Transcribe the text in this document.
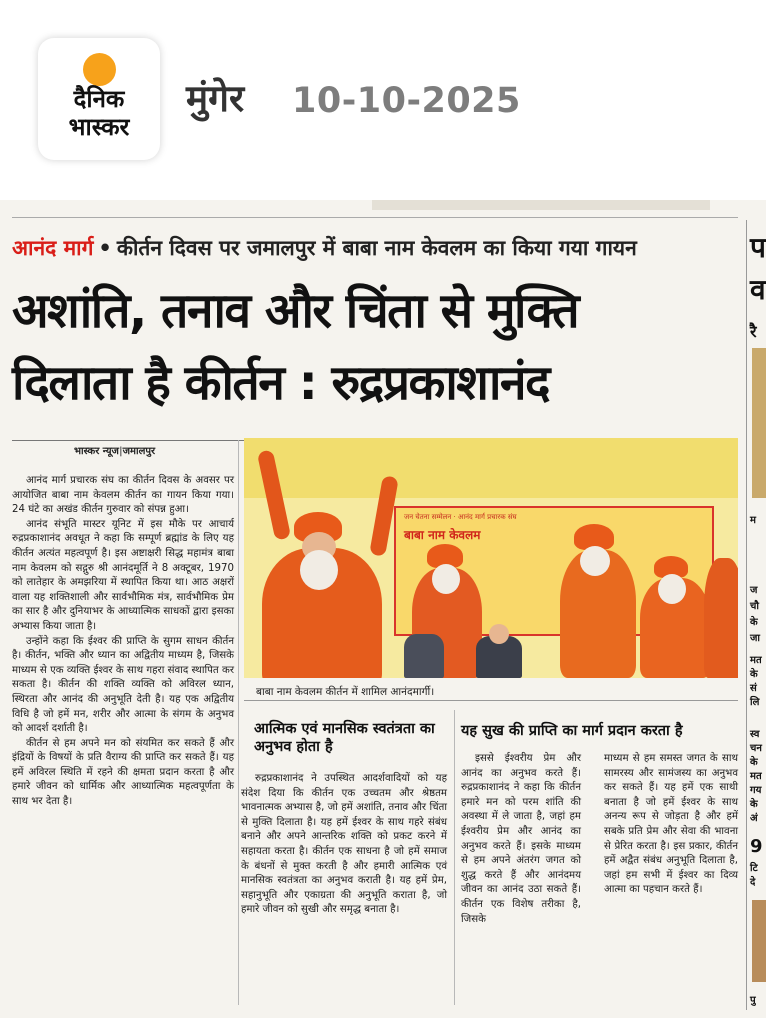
दैनिक
भास्कर
मुंगेर 10-10-2025
आनंद मार्ग • कीर्तन दिवस पर जमालपुर में बाबा नाम केवलम का किया गया गायन
अशांति, तनाव और चिंता से मुक्ति
दिलाता है कीर्तन : रुद्रप्रकाशानंद
भास्कर न्यूज|जमालपुर
जन चेतना सम्मेलन · आनंद मार्ग प्रचारक संघ
बाबा नाम केवलम
बाबा नाम केवलम कीर्तन में शामिल आनंदमार्गी।

आनंद मार्ग प्रचारक संघ का कीर्तन दिवस के अवसर पर आयोजित बाबा नाम केवलम कीर्तन का गायन किया गया। 24 घंटे का अखंड कीर्तन गुरुवार को संपन्न हुआ।

आनंद संभूति मास्टर यूनिट में इस मौके पर आचार्य रुद्रप्रकाशानंद अवधूत ने कहा कि सम्पूर्ण ब्रह्मांड के लिए यह कीर्तन अत्यंत महत्वपूर्ण है। इस अष्टाक्षरी सिद्ध महामंत्र बाबा नाम केवलम को सद्गुरु श्री आनंदमूर्ति ने 8 अक्टूबर, 1970 को लातेहार के अमझरिया में स्थापित किया था। आठ अक्षरों वाला यह शक्तिशाली और सार्वभौमिक मंत्र, सार्वभौमिक प्रेम का सार है और दुनियाभर के आध्यात्मिक साधकों द्वारा इसका अभ्यास किया जाता है।

उन्होंने कहा कि ईश्वर की प्राप्ति के सुगम साधन कीर्तन है। कीर्तन, भक्ति और ध्यान का अद्वितीय माध्यम है, जिसके माध्यम से एक व्यक्ति ईश्वर के साथ गहरा संवाद स्थापित कर सकता है। कीर्तन की शक्ति व्यक्ति को अविरल ध्यान, स्थिरता और आनंद की अनुभूति देती है। यह एक अद्वितीय विधि है जो हमें मन, शरीर और आत्मा के संगम के अनुभव को आदर्श दर्शाती है।

कीर्तन से हम अपने मन को संयमित कर सकते हैं और इंद्रियों के विषयों के प्रति वैराग्य की प्राप्ति कर सकते हैं। यह हमें अविरल स्थिति में रहने की क्षमता प्रदान करता है और हमारे जीवन को धार्मिक और आध्यात्मिक महत्वपूर्णता के साथ भर देता है।

आत्मिक एवं मानसिक स्वतंत्रता का अनुभव होता है

रुद्रप्रकाशानंद ने उपस्थित आदर्शवादियों को यह संदेश दिया कि कीर्तन एक उच्चतम और श्रेष्ठतम भावनात्मक अभ्यास है, जो हमें अशांति, तनाव और चिंता से मुक्ति दिलाता है। यह हमें ईश्वर के साथ गहरे संबंध बनाने और अपने आन्तरिक शक्ति को प्रकट करने में सहायता करता है। कीर्तन एक साधना है जो हमें समाज के बंधनों से मुक्त करती है और हमारी आत्मिक एवं मानसिक स्वतंत्रता का अनुभव कराती है। यह हमें प्रेम, सहानुभूति और एकाग्रता की अनुभूति कराता है, जो हमारे जीवन को सुखी और समृद्ध बनाता है।

यह सुख की प्राप्ति का मार्ग प्रदान करता है

इससे ईश्वरीय प्रेम और आनंद का अनुभव करते हैं।रुद्रप्रकाशानंद ने कहा कि कीर्तन हमारे मन को परम शांति की अवस्था में ले जाता है, जहां हम ईश्वरीय प्रेम और आनंद का अनुभव करते हैं। इसके माध्यम से हम अपने अंतरंग जगत को शुद्ध करते हैं और आनंदमय जीवन का आनंद उठा सकते हैं। कीर्तन एक विशेष तरीका है, जिसके

माध्यम से हम समस्त जगत के साथ सामरस्य और सामंजस्य का अनुभव कर सकते हैं। यह हमें एक साथी बनाता है जो हमें ईश्वर के साथ अनन्य रूप से जोड़ता है और हमें सबके प्रति प्रेम और सेवा की भावना से प्रेरित करता है। इस प्रकार, कीर्तन हमें अद्वैत संबंध अनुभूति दिलाता है, जहां हम सभी में ईश्वर का दिव्य आत्मा का पहचान करते हैं।

प
व
रै
म
ज
चौ
के
जा
मत
के
सं
लि
स्व
चन
के
मत
गय
के
अं
9
टि
दे
पु
